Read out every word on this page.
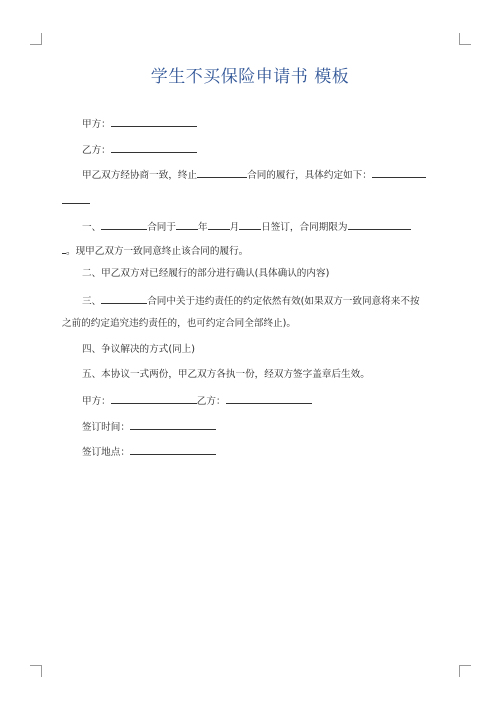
学生不买保险申请书 模板
甲方：
乙方：
甲乙双方经协商一致，终止	合同的履行，具体约定如下：
一、	合同于 年 月 日签订，合同期限为
。现甲乙双方一致同意终止该合同的履行。
二、甲乙双方对已经履行的部分进行确认(具体确认的内容)
三、	合同中关于违约责任的约定依然有效(如果双方一致同意将来不按
之前的约定追究违约责任的，也可约定合同全部终止)。
四、争议解决的方式(同上)
五、本协议一式两份，甲乙双方各执一份，经双方签字盖章后生效。
甲方：	乙方：
签订时间：
签订地点：
